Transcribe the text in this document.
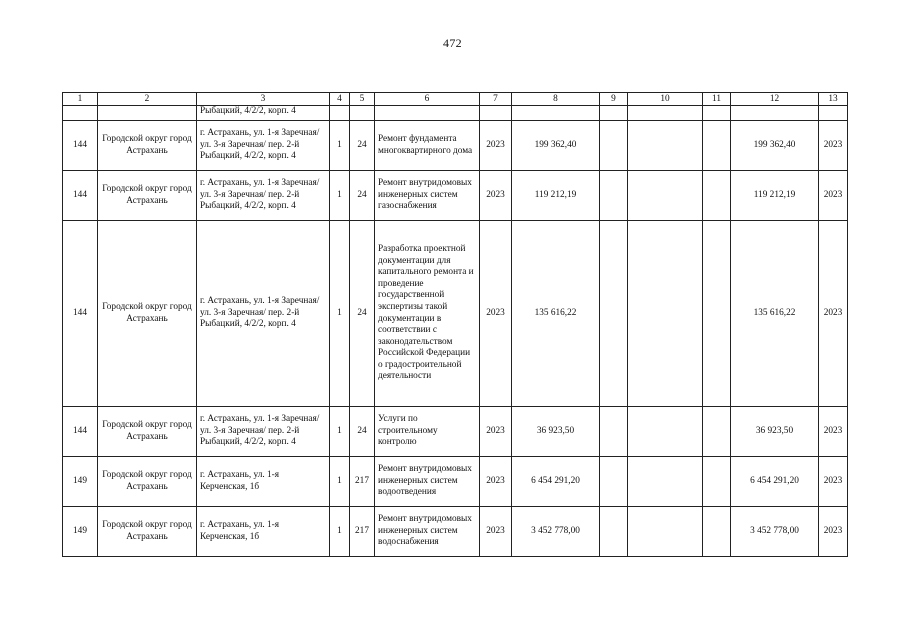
472
1	2	3	4	5	6	7	8	9	10	11	12	13
		Рыбацкий, 4/2/2, корп. 4										
144	Городской округ город Астрахань	г. Астрахань, ул. 1-я Заречная/ ул. 3-я Заречная/ пер. 2-й Рыбацкий, 4/2/2, корп. 4	1	24	Ремонт фундамента многоквартирного дома	2023	199 362,40				199 362,40	2023
144	Городской округ город Астрахань	г. Астрахань, ул. 1-я Заречная/ ул. 3-я Заречная/ пер. 2-й Рыбацкий, 4/2/2, корп. 4	1	24	Ремонт внутридомовых инженерных систем газоснабжения	2023	119 212,19				119 212,19	2023
144	Городской округ город Астрахань	г. Астрахань, ул. 1-я Заречная/ ул. 3-я Заречная/ пер. 2-й Рыбацкий, 4/2/2, корп. 4	1	24	Разработка проектной документации для капитального ремонта и проведение государственной экспертизы такой документации в соответствии с законодательством Российской Федерации о градостроительной деятельности	2023	135 616,22				135 616,22	2023
144	Городской округ город Астрахань	г. Астрахань, ул. 1-я Заречная/ ул. 3-я Заречная/ пер. 2-й Рыбацкий, 4/2/2, корп. 4	1	24	Услуги по строительному контролю	2023	36 923,50				36 923,50	2023
149	Городской округ город Астрахань	г. Астрахань, ул. 1-я Керченская, 1б	1	217	Ремонт внутридомовых инженерных систем водоотведения	2023	6 454 291,20				6 454 291,20	2023
149	Городской округ город Астрахань	г. Астрахань, ул. 1-я Керченская, 1б	1	217	Ремонт внутридомовых инженерных систем водоснабжения	2023	3 452 778,00				3 452 778,00	2023
